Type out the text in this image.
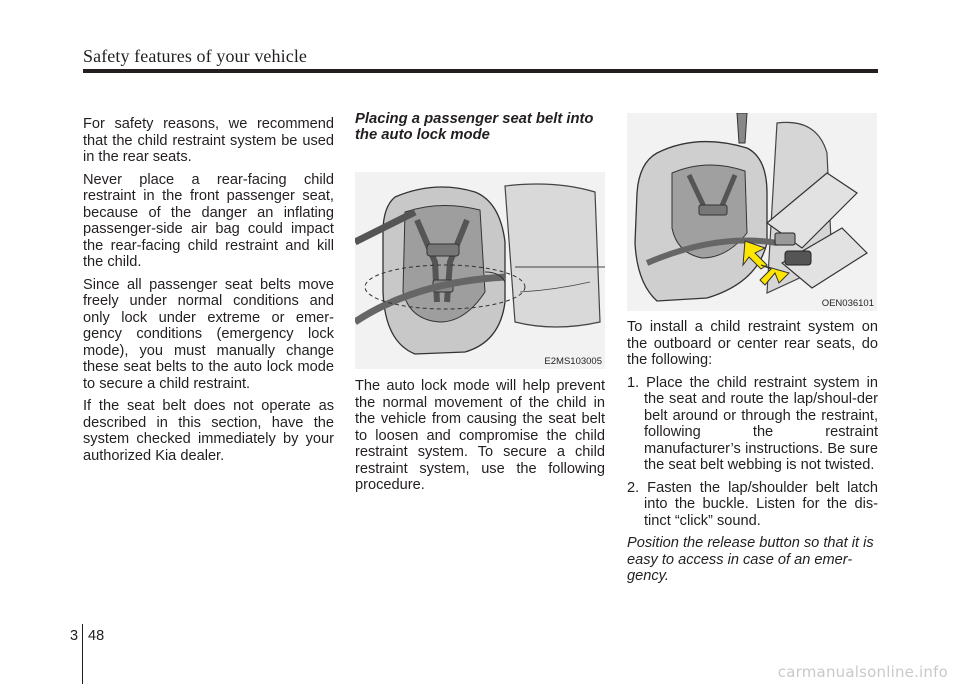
Safety features of your vehicle

For safety reasons, we recommend that the child restraint system be used in the rear seats.

Never place a rear-facing child restraint in the front passenger seat, because of the danger an inflating passenger-side air bag could impact the rear-facing child restraint and kill the child.

Since all passenger seat belts move freely under normal conditions and only lock under extreme or emer-gency conditions (emergency lock mode), you must manually change these seat belts to the auto lock mode to secure a child restraint.

If the seat belt does not operate as described in this section, have the system checked immediately by your authorized Kia dealer.

Placing a passenger seat belt into the auto lock mode

E2MS103005

The auto lock mode will help prevent the normal movement of the child in the vehicle from causing the seat belt to loosen and compromise the child restraint system. To secure a child restraint system, use the following procedure.

OEN036101

To install a child restraint system on the outboard or center rear seats, do the following:

1. Place the child restraint system in the seat and route the lap/shoul-der belt around or through the restraint, following the restraint manufacturer’s instructions. Be sure the seat belt webbing is not twisted.
2. Fasten the lap/shoulder belt latch into the buckle. Listen for the dis-tinct “click” sound.

Position the release button so that it is easy to access in case of an emer-gency.

3 48
carmanualsonline.info
